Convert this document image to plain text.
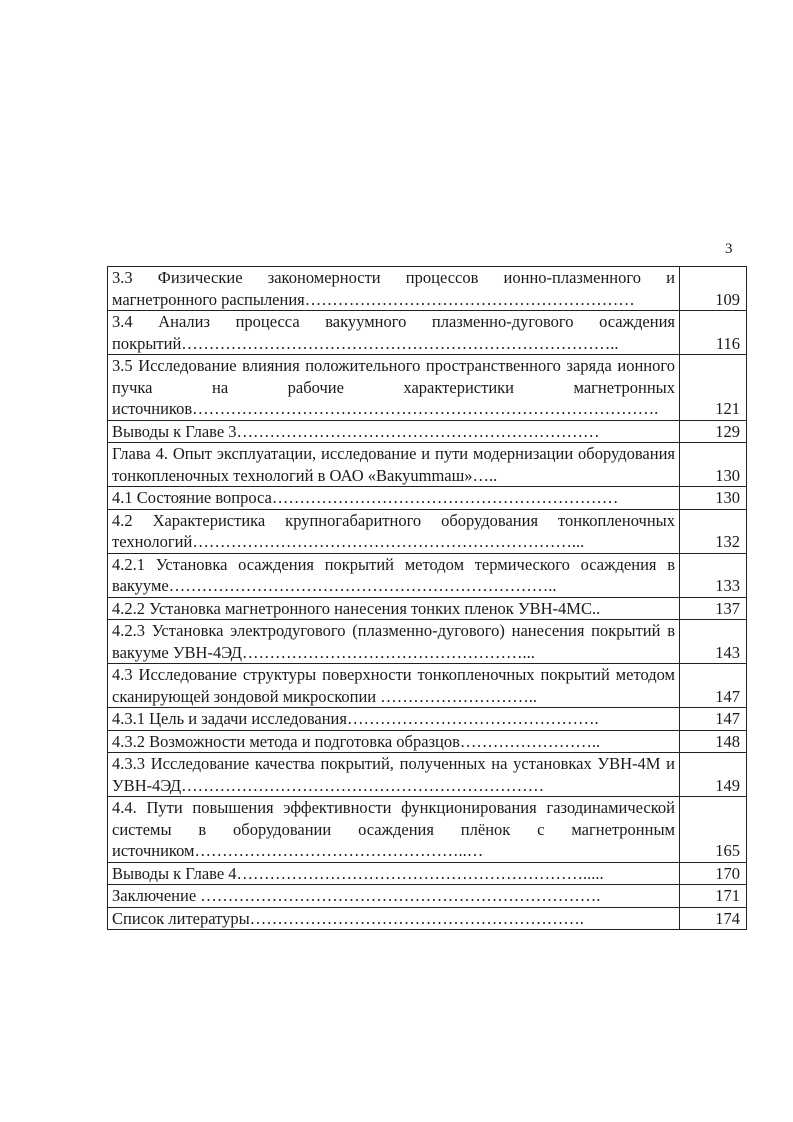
3
3.3 Физические закономерности процессов ионно-плазменного и магнетронного распыления……………………………………………………	109
3.4 Анализ процесса вакуумного плазменно-дугового осаждения покрытий……………………………………………………………………..	116
3.5 Исследование влияния положительного пространственного заряда ионного пучка на рабочие характеристики магнетронных источников………………………………………………………………………….	121
Выводы к Главе 3…………………………………………………………	129
Глава 4. Опыт эксплуатации, исследование и пути модернизации оборудования тонкопленочных технологий в ОАО «Вакуummaш»…..	130
4.1 Состояние вопроса………………………………………………………	130
4.2 Характеристика крупногабаритного оборудования тонкопленочных технологий……………………………………………………………...	132
4.2.1 Установка осаждения покрытий методом термического осаждения в вакууме……………………………………………………………..	133
4.2.2 Установка магнетронного нанесения тонких пленок УВН-4МС..	137
4.2.3 Установка электродугового (плазменно-дугового) нанесения покрытий в вакууме УВН-4ЭД……………………………………………...	143
4.3 Исследование структуры поверхности тонкопленочных покрытий методом сканирующей зондовой микроскопии ………………………..	147
4.3.1 Цель и задачи исследования……………………………………….	147
4.3.2 Возможности метода и подготовка образцов……………………..	148
4.3.3 Исследование качества покрытий, полученных на установках УВН-4М и УВН-4ЭД…………………………………………………………	149
4.4. Пути повышения эффективности функционирования газодинамической системы в оборудовании осаждения плёнок с магнетронным источником…………………………………………..…	165
Выводы к Главе 4……………………………………………………….....	170
Заключение ……………………………………………………………….	171
Список литературы…………………………………………………….	174
